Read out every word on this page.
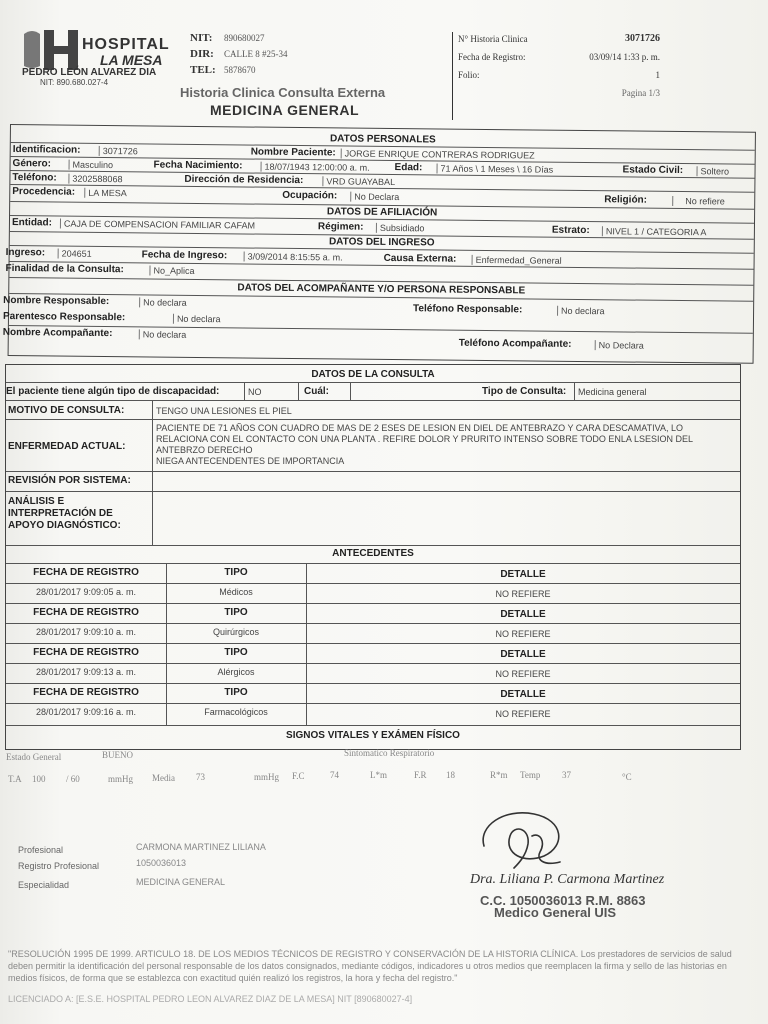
HOSPITAL
LA MESA
PEDRO LEÓN ALVAREZ DIA
NIT: 890.680.027-4
NIT: 890680027
DIR: CALLE 8 #25-34
TEL: 5878670
Historia Clinica Consulta Externa
MEDICINA GENERAL
N° Historia Clinica	3071726
Fecha de Registro:	03/09/14 1:33 p. m.
Folio:	1
Pagina 1/3
DATOS PERSONALES
Identificacion:	3071726	Nombre Paciente: JORGE ENRIQUE CONTRERAS RODRIGUEZ
Género:	Masculino	Fecha Nacimiento:	18/07/1943 12:00:00 a. m. Edad:	71 Años \ 1 Meses \ 16 Días	Estado Civil:	Soltero
Teléfono:	3202588068	Dirección de Residencia:	VRD GUAYABAL
Procedencia:	LA MESA	Ocupación:	No Declara	Religión:	No refiere
DATOS DE AFILIACIÓN
Entidad:	CAJA DE COMPENSACION FAMILIAR CAFAM	Régimen:	Subsidiado	Estrato:	NIVEL 1 / CATEGORIA A
DATOS DEL INGRESO
Ingreso:	204651	Fecha de Ingreso:	3/09/2014 8:15:55 a. m.	Causa Externa:	Enfermedad_General
Finalidad de la Consulta:	No_Aplica
DATOS DEL ACOMPAÑANTE Y/O PERSONA RESPONSABLE
Nombre Responsable:	No declara
Parentesco Responsable:	No declara
Teléfono Responsable:	No declara
Nombre Acompañante:	No declara
Teléfono Acompañante:	No Declara
DATOS DE LA CONSULTA
El paciente tiene algún tipo de discapacidad:	NO	Cuál:	Tipo de Consulta: Medicina general
MOTIVO DE CONSULTA:	TENGO UNA LESIONES EL PIEL
ENFERMEDAD ACTUAL:
PACIENTE DE 71 AÑOS CON CUADRO DE MAS DE 2 ESES DE LESION EN DIEL DE ANTEBRAZO Y CARA DESCAMATIVA, LO
RELACIONA CON EL CONTACTO CON UNA PLANTA . REFIRE DOLOR Y PRURITO INTENSO SOBRE TODO ENLA LSESION DEL
ANTEBRZO DERECHO
NIEGA ANTECENDENTES DE IMPORTANCIA
REVISIÓN POR SISTEMA:
ANÁLISIS E
INTERPRETACIÓN DE
APOYO DIAGNÓSTICO:
ANTECEDENTES
FECHA DE REGISTRO	TIPO	DETALLE
28/01/2017 9:09:05 a. m.	Médicos	NO REFIERE
FECHA DE REGISTRO	TIPO	DETALLE
28/01/2017 9:09:10 a. m.	Quirúrgicos	NO REFIERE
FECHA DE REGISTRO	TIPO	DETALLE
28/01/2017 9:09:13 a. m.	Alérgicos	NO REFIERE
FECHA DE REGISTRO	TIPO	DETALLE
28/01/2017 9:09:16 a. m.	Farmacológicos	NO REFIERE
SIGNOS VITALES Y EXÁMEN FÍSICO
Estado General	BUENO	Sintomatico Respiratorio
T.A 100 / 60	mmHg Media 73	mmHg F.C	74	L*m	F.R 18	R*m Temp 37	°C
Profesional	CARMONA MARTINEZ LILIANA
Registro Profesional	1050036013
Especialidad	MEDICINA GENERAL	Dra. Liliana P. Carmona Martinez
C.C. 1050036013 R.M. 8863
Medico General UIS
"RESOLUCIÓN 1995 DE 1999. ARTICULO 18. DE LOS MEDIOS TÉCNICOS DE REGISTRO Y CONSERVACIÓN DE LA HISTORIA CLÍNICA. Los prestadores de servicios de salud deben permitir la identificación del personal responsable de los datos consignados, mediante códigos, indicadores u otros medios que reemplacen la firma y sello de las historias en medios físicos, de forma que se establezca con exactitud quién realizó los registros, la hora y fecha del registro."
LICENCIADO A: [E.S.E. HOSPITAL PEDRO LEON ALVAREZ DIAZ DE LA MESA] NIT [890680027-4]
